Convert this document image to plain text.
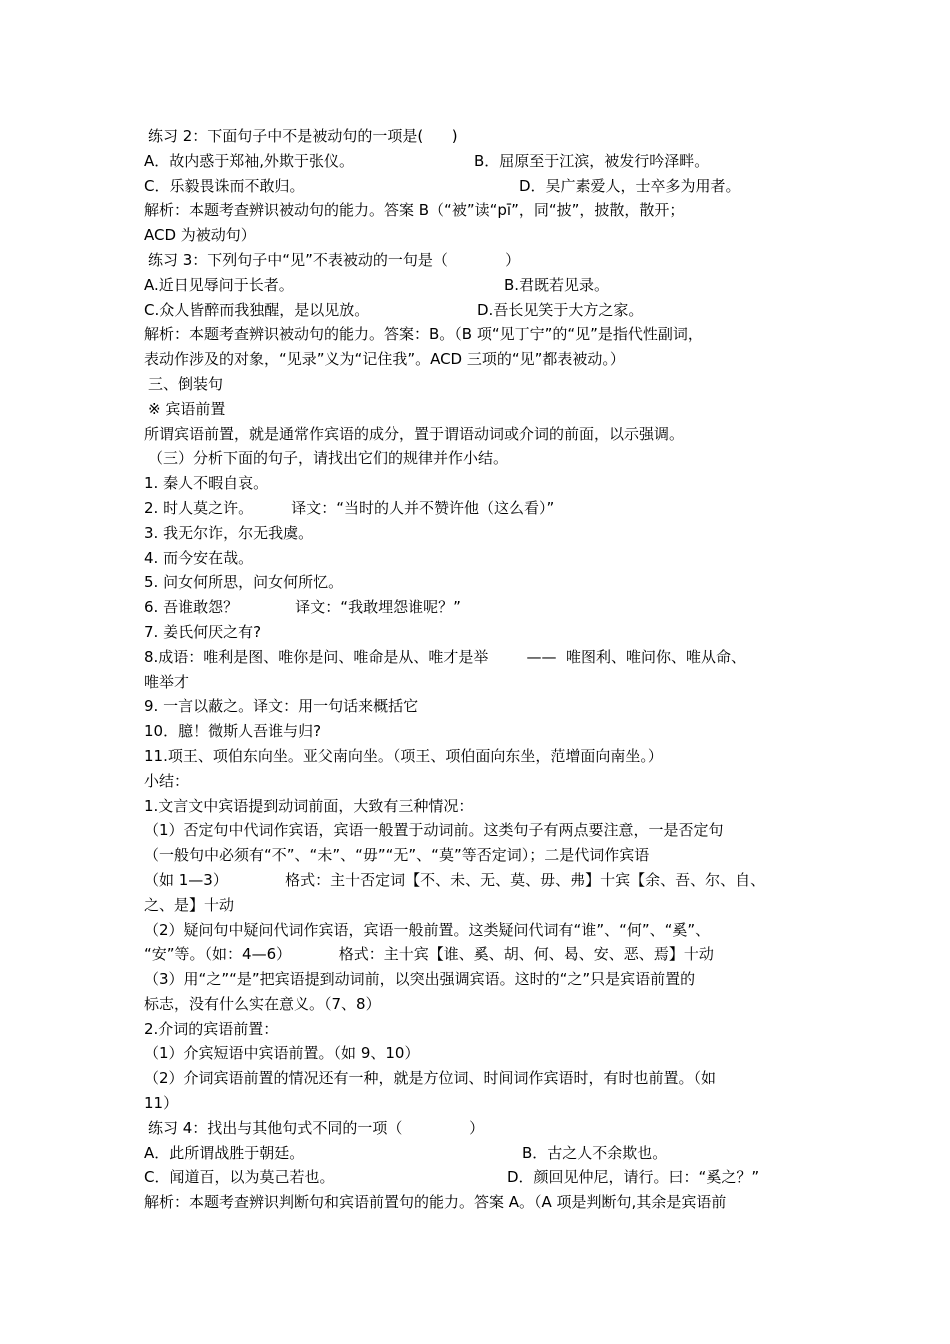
练习 2：下面句子中不是被动句的一项是(      )
A．故内惑于郑袖,外欺于张仪。	B．屈原至于江滨，被发行吟泽畔。
C．乐毅畏诛而不敢归。	D．吴广素爱人，士卒多为用者。
解析：本题考查辨识被动句的能力。答案 B（“被”读“pī”，同“披”，披散，散开；
ACD 为被动句）
练习 3：下列句子中“见”不表被动的一句是（            ）
A.近日见辱问于长者。	B.君既若见录。
C.众人皆醉而我独醒，是以见放。	D.吾长见笑于大方之家。
解析：本题考查辨识被动句的能力。答案：B。（B 项“见丁宁”的“见”是指代性副词，
表动作涉及的对象，“见录”义为“记住我”。ACD 三项的“见”都表被动。）
三、倒装句
※ 宾语前置
所谓宾语前置，就是通常作宾语的成分，置于谓语动词或介词的前面，以示强调。
（三）分析下面的句子，请找出它们的规律并作小结。
1. 秦人不暇自哀。
2. 时人莫之许。        译文：“当时的人并不赞许他（这么看）”
3. 我无尔诈，尔无我虞。
4. 而今安在哉。
5. 问女何所思，问女何所忆。
6. 吾谁敢怨？            译文：“我敢埋怨谁呢？”
7. 姜氏何厌之有?
8.成语：唯利是图、唯你是问、唯命是从、唯才是举        ——  唯图利、唯问你、唯从命、
唯举才
9. 一言以蔽之。译文：用一句话来概括它
10．臆！微斯人吾谁与归?
11.项王、项伯东向坐。亚父南向坐。（项王、项伯面向东坐，范增面向南坐。）
小结：
1.文言文中宾语提到动词前面，大致有三种情况：
（1）否定句中代词作宾语，宾语一般置于动词前。这类句子有两点要注意，一是否定句
（一般句中必须有“不”、“未”、“毋”“无”、“莫”等否定词）；二是代词作宾语
（如 1—3）            格式：主十否定词【不、未、无、莫、毋、弗】十宾【余、吾、尔、自、
之、是】十动
（2）疑问句中疑问代词作宾语，宾语一般前置。这类疑问代词有“谁”、“何”、“奚”、
“安”等。（如：4—6）          格式：主十宾【谁、奚、胡、何、曷、安、恶、焉】十动
（3）用“之”“是”把宾语提到动词前，以突出强调宾语。这时的“之”只是宾语前置的
标志，没有什么实在意义。（7、8）
2.介词的宾语前置：
（1）介宾短语中宾语前置。（如 9、10）
（2）介词宾语前置的情况还有一种，就是方位词、时间词作宾语时，有时也前置。（如
11）
练习 4：找出与其他句式不同的一项（              ）
A．此所谓战胜于朝廷。	B．古之人不余欺也。
C．闻道百，以为莫己若也。	D．颜回见仲尼，请行。曰：“奚之？”
解析：本题考查辨识判断句和宾语前置句的能力。答案 A。（A 项是判断句,其余是宾语前
